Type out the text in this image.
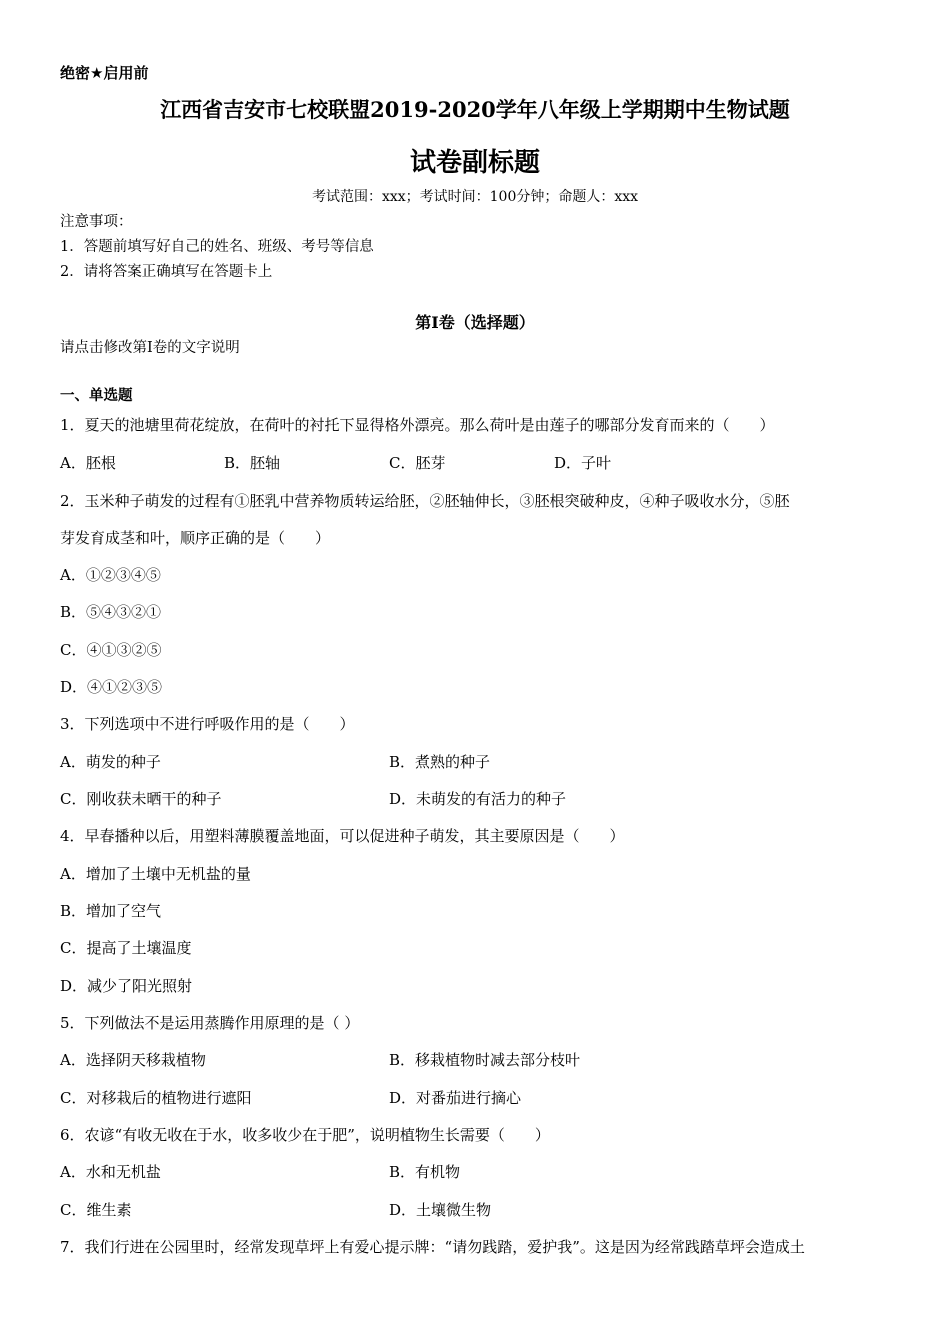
绝密★启用前
江西省吉安市七校联盟2019-2020学年八年级上学期期中生物试题
试卷副标题
考试范围：xxx；考试时间：100分钟；命题人：xxx
注意事项：
1．答题前填写好自己的姓名、班级、考号等信息
2．请将答案正确填写在答题卡上
第I卷（选择题）
请点击修改第I卷的文字说明
一、单选题
1．夏天的池塘里荷花绽放，在荷叶的衬托下显得格外漂亮。那么荷叶是由莲子的哪部分发育而来的（　　）
A．胚根	B．胚轴	C．胚芽	D．子叶
2．玉米种子萌发的过程有①胚乳中营养物质转运给胚，②胚轴伸长，③胚根突破种皮，④种子吸收水分，⑤胚
芽发育成茎和叶，顺序正确的是（　　）
A．①②③④⑤
B．⑤④③②①
C．④①③②⑤
D．④①②③⑤
3．下列选项中不进行呼吸作用的是（　　）
A．萌发的种子	B．煮熟的种子
C．刚收获未晒干的种子	D．未萌发的有活力的种子
4．早春播种以后，用塑料薄膜覆盖地面，可以促进种子萌发，其主要原因是（　　）
A．增加了土壤中无机盐的量
B．增加了空气
C．提高了土壤温度
D．减少了阳光照射
5．下列做法不是运用蒸腾作用原理的是（ ）
A．选择阴天移栽植物	B．移栽植物时减去部分枝叶
C．对移栽后的植物进行遮阳	D．对番茄进行摘心
6．农谚“有收无收在于水，收多收少在于肥”，说明植物生长需要（　　）
A．水和无机盐	B．有机物
C．维生素	D．土壤微生物
7．我们行进在公园里时，经常发现草坪上有爱心提示牌：“请勿践踏，爱护我”。这是因为经常践踏草坪会造成土
